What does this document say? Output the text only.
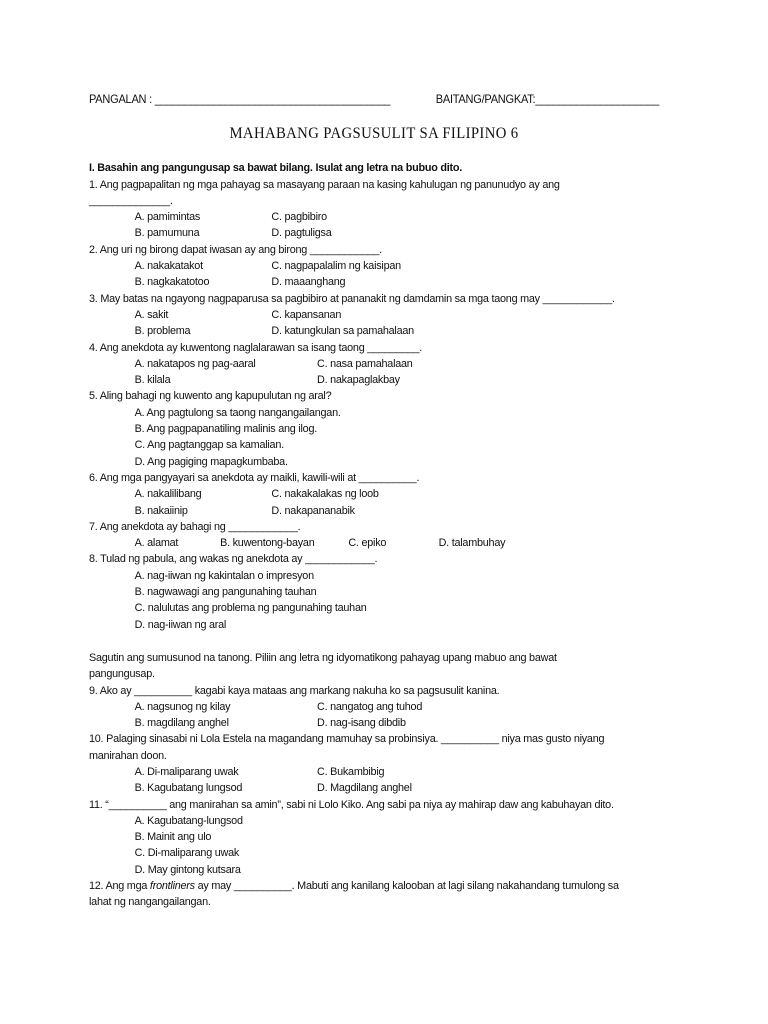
PANGALAN : ________________________________________	BAITANG/PANGKAT:_____________________
MAHABANG PAGSUSULIT SA FILIPINO 6
I. Basahin ang pangungusap sa bawat bilang. Isulat ang letra na bubuo dito.
1. Ang pagpapalitan ng mga pahayag sa masayang paraan na kasing kahulugan ng panunudyo ay ang
______________.
A. pamimintas	C. pagbibiro
B. pamumuna	D. pagtuligsa
2. Ang uri ng birong dapat iwasan ay ang birong ____________.
A. nakakatakot	C. nagpapalalim ng kaisipan
B. nagkakatotoo	D. maaanghang
3. May batas na ngayong nagpaparusa sa pagbibiro at pananakit ng damdamin sa mga taong may ____________.
A. sakit	C. kapansanan
B. problema	D. katungkulan sa pamahalaan
4. Ang anekdota ay kuwentong naglalarawan sa isang taong _________.
A. nakatapos ng pag-aaral	C. nasa pamahalaan
B. kilala	D. nakapaglakbay
5. Aling bahagi ng kuwento ang kapupulutan ng aral?
A. Ang pagtulong sa taong nangangailangan.
B. Ang pagpapanatiling malinis ang ilog.
C. Ang pagtanggap sa kamalian.
D. Ang pagiging mapagkumbaba.
6. Ang mga pangyayari sa anekdota ay maikli, kawili-wili at __________.
A. nakalilibang	C. nakakalakas ng loob
B. nakaiinip	D. nakapananabik
7. Ang anekdota ay bahagi ng ____________.
A. alamat	B. kuwentong-bayan	C. epiko	D. talambuhay
8. Tulad ng pabula, ang wakas ng anekdota ay ____________.
A. nag-iiwan ng kakintalan o impresyon
B. nagwawagi ang pangunahing tauhan
C. nalulutas ang problema ng pangunahing tauhan
D. nag-iiwan ng aral
Sagutin ang sumusunod na tanong. Piliin ang letra ng idyomatikong pahayag upang mabuo ang bawat
pangungusap.
9. Ako ay __________ kagabi kaya mataas ang markang nakuha ko sa pagsusulit kanina.
A. nagsunog ng kilay	C. nangatog ang tuhod
B. magdilang anghel	D. nag-isang dibdib
10. Palaging sinasabi ni Lola Estela na magandang mamuhay sa probinsiya. __________ niya mas gusto niyang
manirahan doon.
A. Di-maliparang uwak	C. Bukambibig
B. Kagubatang lungsod	D. Magdilang anghel
11. “__________ ang manirahan sa amin”, sabi ni Lolo Kiko. Ang sabi pa niya ay mahirap daw ang kabuhayan dito.
A. Kagubatang-lungsod
B. Mainit ang ulo
C. Di-maliparang uwak
D. May gintong kutsara
12. Ang mga frontliners ay may __________. Mabuti ang kanilang kalooban at lagi silang nakahandang tumulong sa
lahat ng nangangailangan.
